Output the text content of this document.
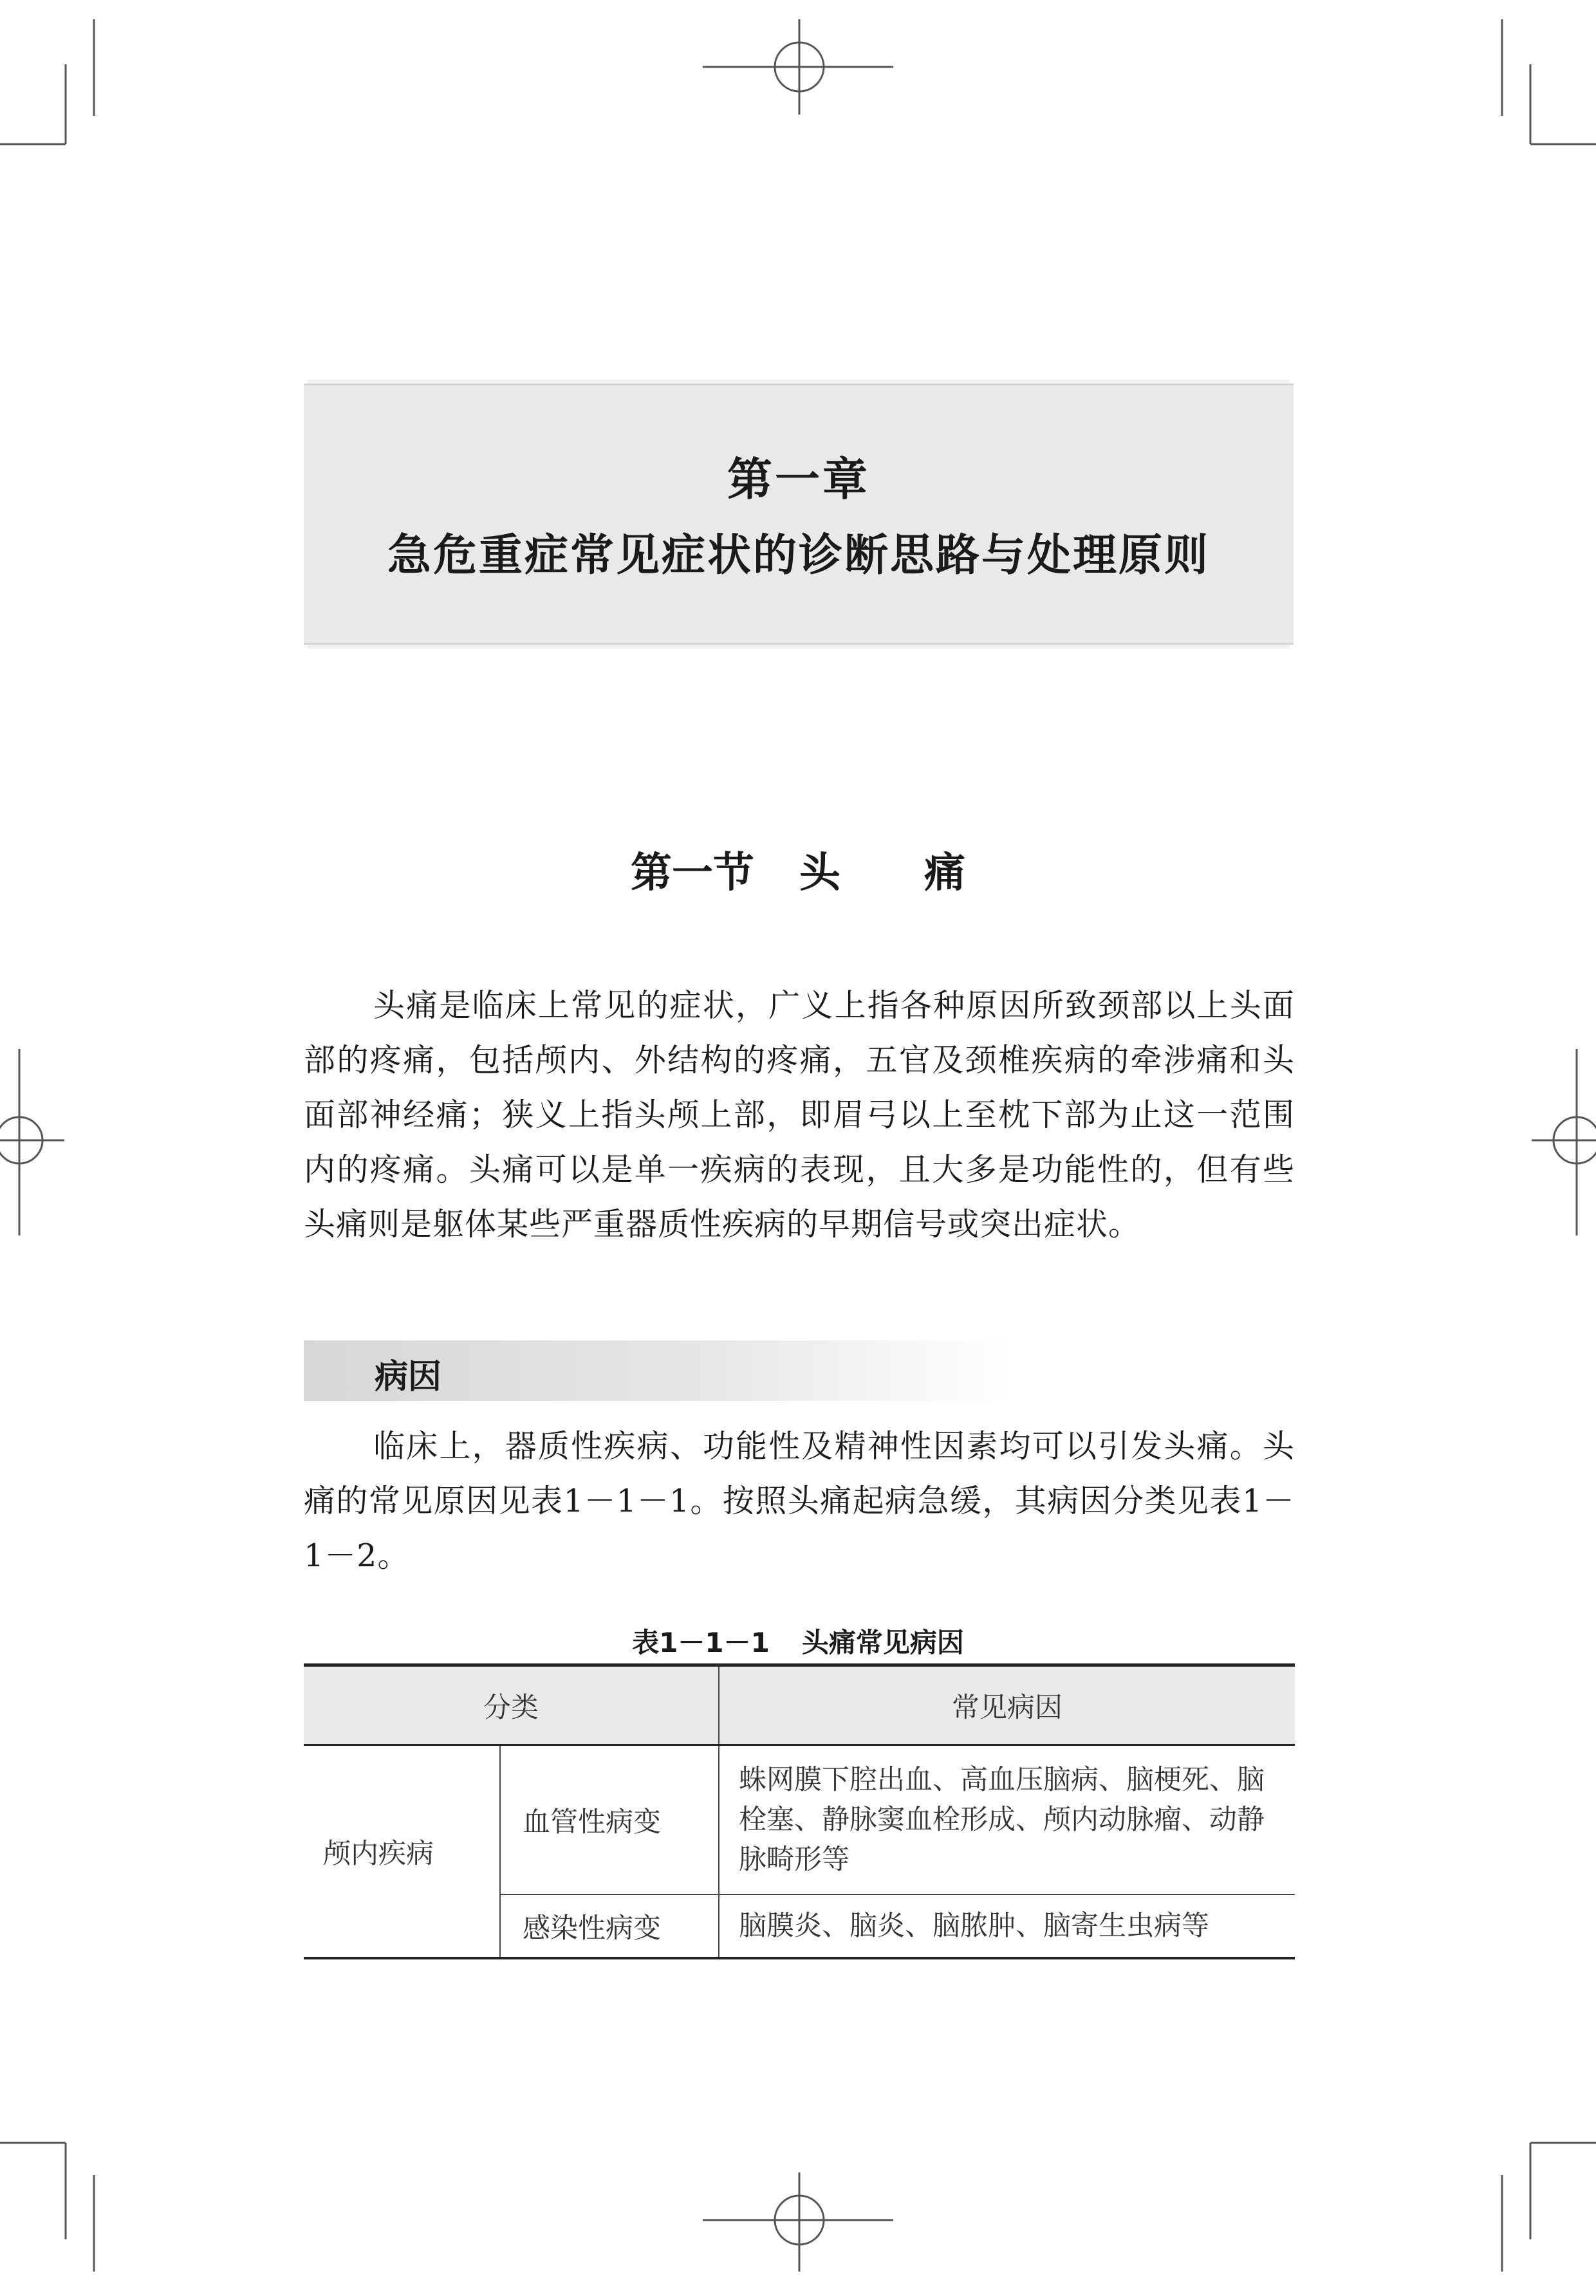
第一章
急危重症常见症状的诊断思路与处理原则
第一节 头 痛

头痛是临床上常见的症状，广义上指各种原因所致颈部以上头面部的疼痛，包括颅内、外结构的疼痛，五官及颈椎疾病的牵涉痛和头面部神经痛；狭义上指头颅上部，即眉弓以上至枕下部为止这一范围内的疼痛。头痛可以是单一疾病的表现，且大多是功能性的，但有些头痛则是躯体某些严重器质性疾病的早期信号或突出症状。

病因

临床上，器质性疾病、功能性及精神性因素均可以引发头痛。头痛的常见原因见表1－1－1。按照头痛起病急缓，其病因分类见表1－1－2。

表1－1－1 头痛常见病因
分类		常见病因
颅内疾病	血管性病变	蛛网膜下腔出血、高血压脑病、脑梗死、脑栓塞、静脉窦血栓形成、颅内动脉瘤、动静脉畸形等
	感染性病变	脑膜炎、脑炎、脑脓肿、脑寄生虫病等
